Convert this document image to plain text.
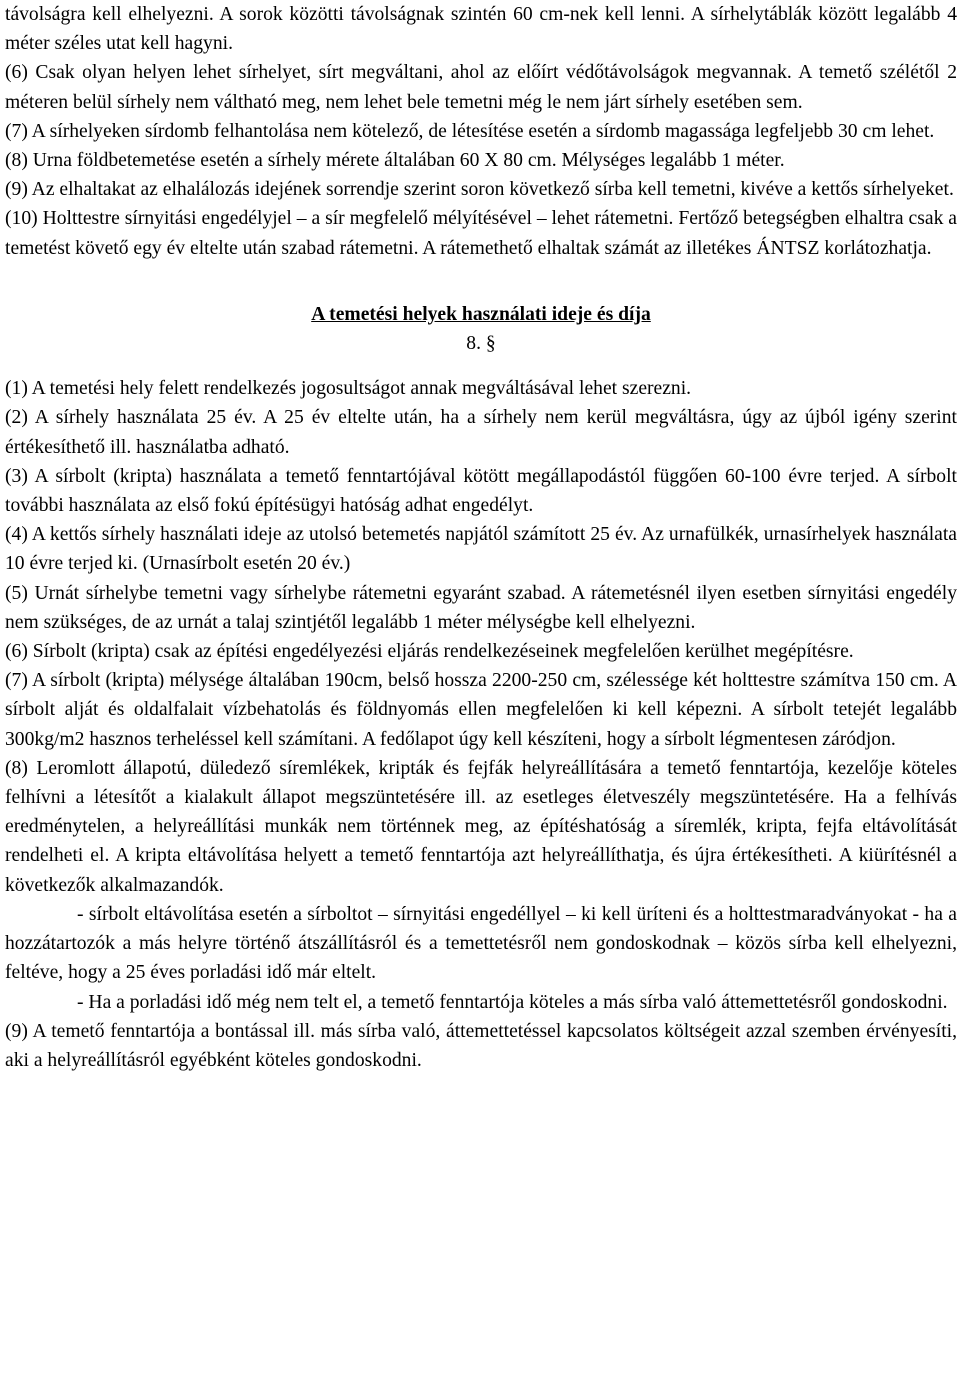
távolságra kell elhelyezni. A sorok közötti távolságnak szintén 60 cm-nek kell lenni. A sírhelytáblák között legalább 4 méter széles utat kell hagyni.

(6) Csak olyan helyen lehet sírhelyet, sírt megváltani, ahol az előírt védőtávolságok megvannak. A temető szélétől 2 méteren belül sírhely nem váltható meg, nem lehet bele temetni még le nem járt sírhely esetében sem.

(7) A sírhelyeken sírdomb felhantolása nem kötelező, de létesítése esetén a sírdomb magassága legfeljebb 30 cm lehet.

(8) Urna földbetemetése esetén a sírhely mérete általában 60 X 80 cm. Mélységes legalább 1 méter.

(9) Az elhaltakat az elhalálozás idejének sorrendje szerint soron következő sírba kell temetni, kivéve a kettős sírhelyeket.

(10) Holttestre sírnyitási engedélyjel – a sír megfelelő mélyítésével – lehet rátemetni. Fertőző betegségben elhaltra csak a temetést követő egy év eltelte után szabad rátemetni. A rátemethető elhaltak számát az illetékes ÁNTSZ korlátozhatja.

A temetési helyek használati ideje és díja

8. §

(1) A temetési hely felett rendelkezés jogosultságot annak megváltásával lehet szerezni.

(2) A sírhely használata 25 év. A 25 év eltelte után, ha a sírhely nem kerül megváltásra, úgy az újból igény szerint értékesíthető ill. használatba adható.

(3) A sírbolt (kripta) használata a temető fenntartójával kötött megállapodástól függően 60-100 évre terjed. A sírbolt további használata az első fokú építésügyi hatóság adhat engedélyt.

(4) A kettős sírhely használati ideje az utolsó betemetés napjától számított 25 év. Az urnafülkék, urnasírhelyek használata 10 évre terjed ki. (Urnasírbolt esetén 20 év.)

(5) Urnát sírhelybe temetni vagy sírhelybe rátemetni egyaránt szabad. A rátemetésnél ilyen esetben sírnyitási engedély nem szükséges, de az urnát a talaj szintjétől legalább 1 méter mélységbe kell elhelyezni.

(6) Sírbolt (kripta) csak az építési engedélyezési eljárás rendelkezéseinek megfelelően kerülhet megépítésre.

(7) A sírbolt (kripta) mélysége általában 190cm, belső hossza 2200-250 cm, szélessége két holttestre számítva 150 cm. A sírbolt alját és oldalfalait vízbehatolás és földnyomás ellen megfelelően ki kell képezni. A sírbolt tetejét legalább 300kg/m2 hasznos terheléssel kell számítani. A fedőlapot úgy kell készíteni, hogy a sírbolt légmentesen záródjon.

(8) Leromlott állapotú, düledező síremlékek, kripták és fejfák helyreállítására a temető fenntartója, kezelője köteles felhívni a létesítőt a kialakult állapot megszüntetésére ill. az esetleges életveszély megszüntetésére. Ha a felhívás eredménytelen, a helyreállítási munkák nem történnek meg, az építéshatóság a síremlék, kripta, fejfa eltávolítását rendelheti el. A kripta eltávolítása helyett a temető fenntartója azt helyreállíthatja, és újra értékesítheti. A kiürítésnél a következők alkalmazandók.

- sírbolt eltávolítása esetén a sírboltot – sírnyitási engedéllyel – ki kell üríteni és a holttestmaradványokat - ha a hozzátartozók a más helyre történő átszállításról és a temettetésről nem gondoskodnak – közös sírba kell elhelyezni, feltéve, hogy a 25 éves porladási idő már eltelt.

- Ha a porladási idő még nem telt el, a temető fenntartója köteles a más sírba való áttemettetésről gondoskodni.

(9) A temető fenntartója a bontással ill. más sírba való, áttemettetéssel kapcsolatos költségeit azzal szemben érvényesíti, aki a helyreállításról egyébként köteles gondoskodni.
